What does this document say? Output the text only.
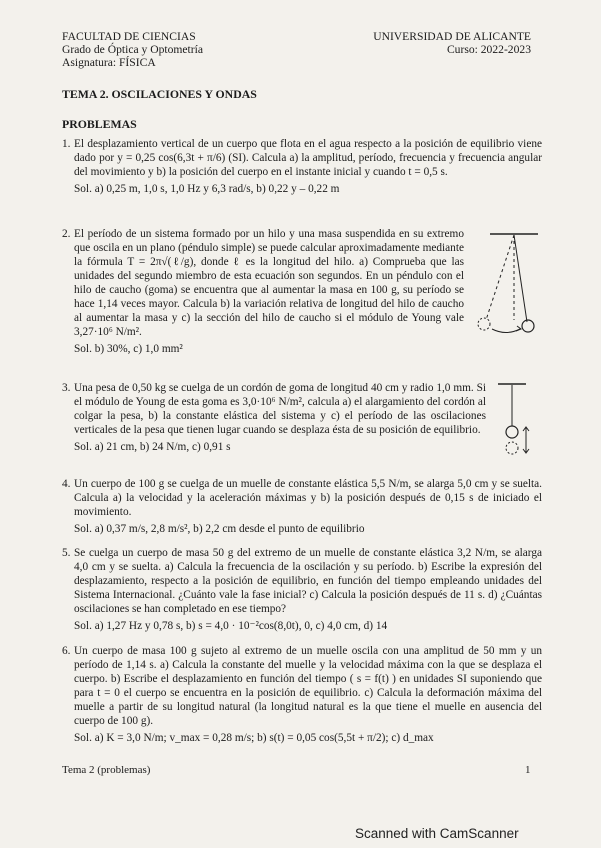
FACULTAD DE CIENCIAS
Grado de Óptica y Optometría
Asignatura: FÍSICA
UNIVERSIDAD DE ALICANTE
Curso: 2022-2023
TEMA 2. OSCILACIONES Y ONDAS
PROBLEMAS
1. El desplazamiento vertical de un cuerpo que flota en el agua respecto a la posición de equilibrio viene dado por y = 0,25 cos(6,3t + π/6) (SI). Calcula a) la amplitud, período, frecuencia y frecuencia angular del movimiento y b) la posición del cuerpo en el instante inicial y cuando t = 0,5 s.
Sol. a) 0,25 m, 1,0 s, 1,0 Hz y 6,3 rad/s, b) 0,22 y – 0,22 m
2. El período de un sistema formado por un hilo y una masa suspendida en su extremo que oscila en un plano (péndulo simple) se puede calcular aproximadamente mediante la fórmula T = 2π√(ℓ/g), donde ℓ es la longitud del hilo. a) Comprueba que las unidades del segundo miembro de esta ecuación son segundos. En un péndulo con el hilo de caucho (goma) se encuentra que al aumentar la masa en 100 g, su período se hace 1,14 veces mayor. Calcula b) la variación relativa de longitud del hilo de caucho al aumentar la masa y c) la sección del hilo de caucho si el módulo de Young vale 3,27·10⁶ N/m².
Sol. b) 30%, c) 1,0 mm²
3. Una pesa de 0,50 kg se cuelga de un cordón de goma de longitud 40 cm y radio 1,0 mm. Si el módulo de Young de esta goma es 3,0·10⁶ N/m², calcula a) el alargamiento del cordón al colgar la pesa, b) la constante elástica del sistema y c) el período de las oscilaciones verticales de la pesa que tienen lugar cuando se desplaza ésta de su posición de equilibrio.
Sol. a) 21 cm, b) 24 N/m, c) 0,91 s
4. Un cuerpo de 100 g se cuelga de un muelle de constante elástica 5,5 N/m, se alarga 5,0 cm y se suelta. Calcula a) la velocidad y la aceleración máximas y b) la posición después de 0,15 s de iniciado el movimiento.
Sol. a) 0,37 m/s, 2,8 m/s², b) 2,2 cm desde el punto de equilibrio
5. Se cuelga un cuerpo de masa 50 g del extremo de un muelle de constante elástica 3,2 N/m, se alarga 4,0 cm y se suelta. a) Calcula la frecuencia de la oscilación y su período. b) Escribe la expresión del desplazamiento, respecto a la posición de equilibrio, en función del tiempo empleando unidades del Sistema Internacional. ¿Cuánto vale la fase inicial? c) Calcula la posición después de 11 s. d) ¿Cuántas oscilaciones se han completado en ese tiempo?
Sol. a) 1,27 Hz y 0,78 s, b) s = 4,0 · 10⁻²cos(8,0t), 0, c) 4,0 cm, d) 14
6. Un cuerpo de masa 100 g sujeto al extremo de un muelle oscila con una amplitud de 50 mm y un período de 1,14 s. a) Calcula la constante del muelle y la velocidad máxima con la que se desplaza el cuerpo. b) Escribe el desplazamiento en función del tiempo ( s = f(t) ) en unidades SI suponiendo que para t = 0 el cuerpo se encuentra en la posición de equilibrio. c) Calcula la deformación máxima del muelle a partir de su longitud natural (la longitud natural es la que tiene el muelle en ausencia del cuerpo de 100 g).
Sol. a) K = 3,0 N/m; v_max = 0,28 m/s; b) s(t) = 0,05 cos(5,5t + π/2); c) d_max
Tema 2 (problemas)	1
Scanned with CamScanner
